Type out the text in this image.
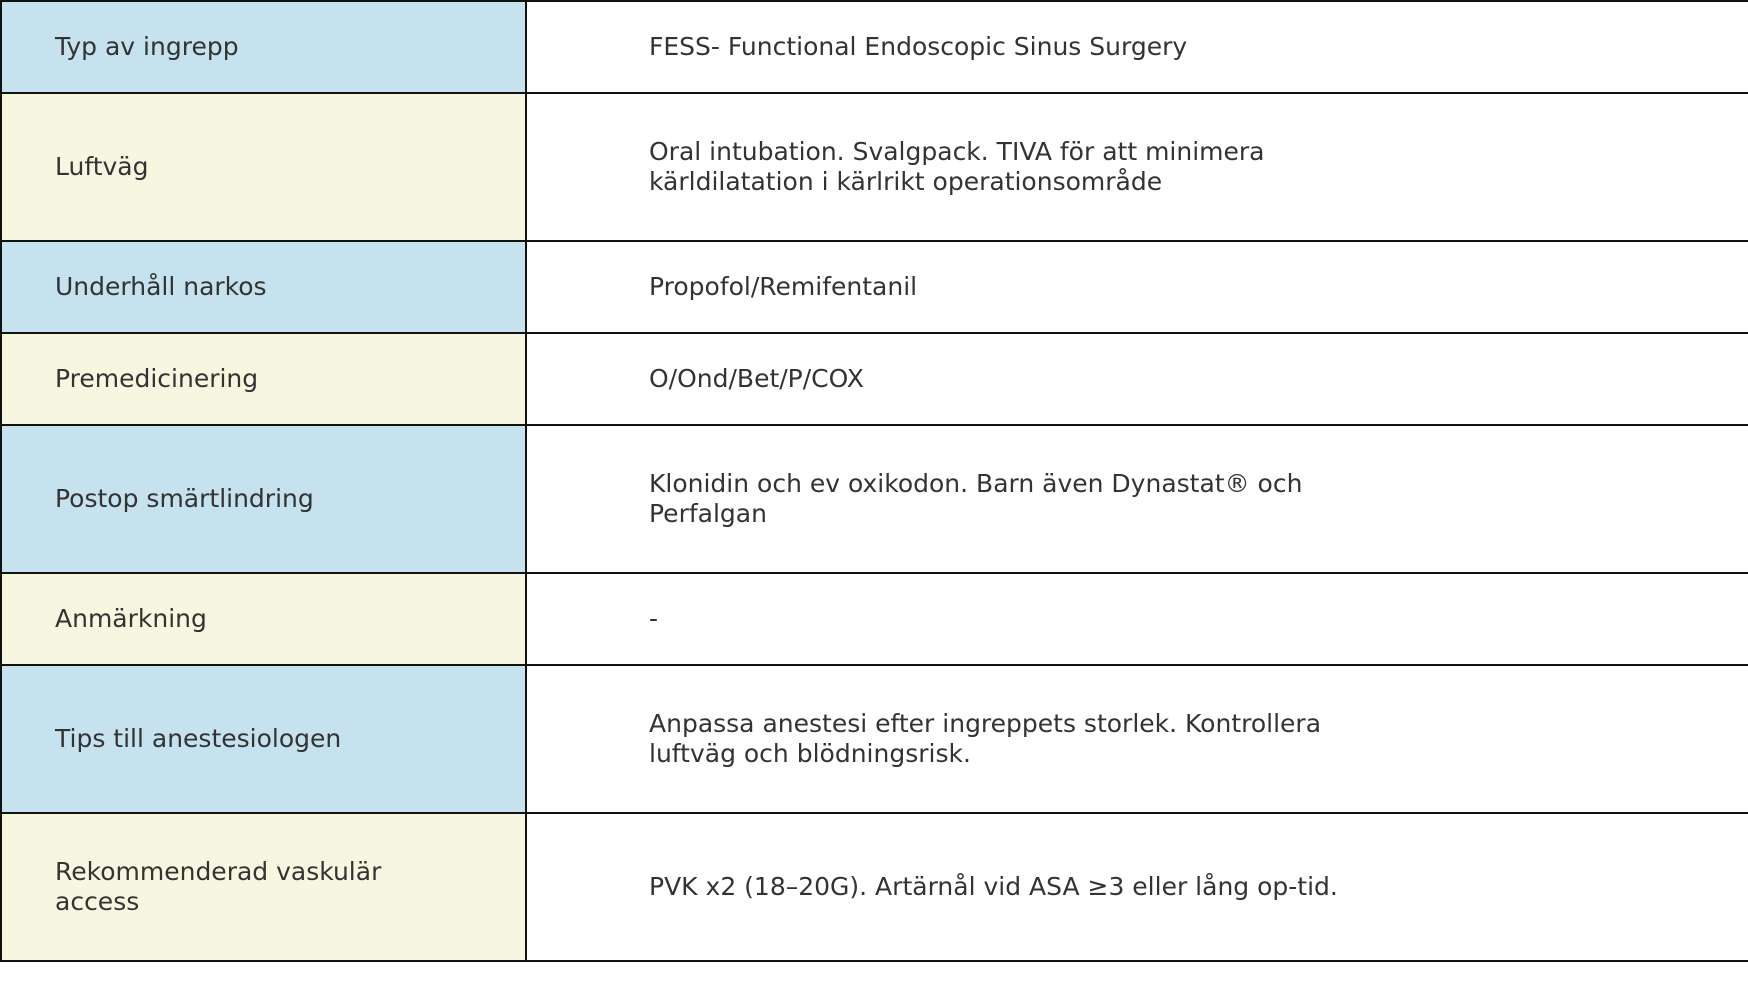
Typ av ingrepp	FESS- Functional Endoscopic Sinus Surgery

Luftväg	Oral intubation. Svalgpack. TIVA för att minimera kärldilatation i kärlrikt operationsområde

Underhåll narkos	Propofol/Remifentanil

Premedicinering	O/Ond/Bet/P/COX

Postop smärtlindring	Klonidin och ev oxikodon. Barn även Dynastat® och Perfalgan

Anmärkning	-

Tips till anestesiologen	Anpassa anestesi efter ingreppets storlek. Kontrollera luftväg och blödningsrisk.

Rekommenderad vaskulär access	PVK x2 (18–20G). Artärnål vid ASA ≥3 eller lång op-tid.
